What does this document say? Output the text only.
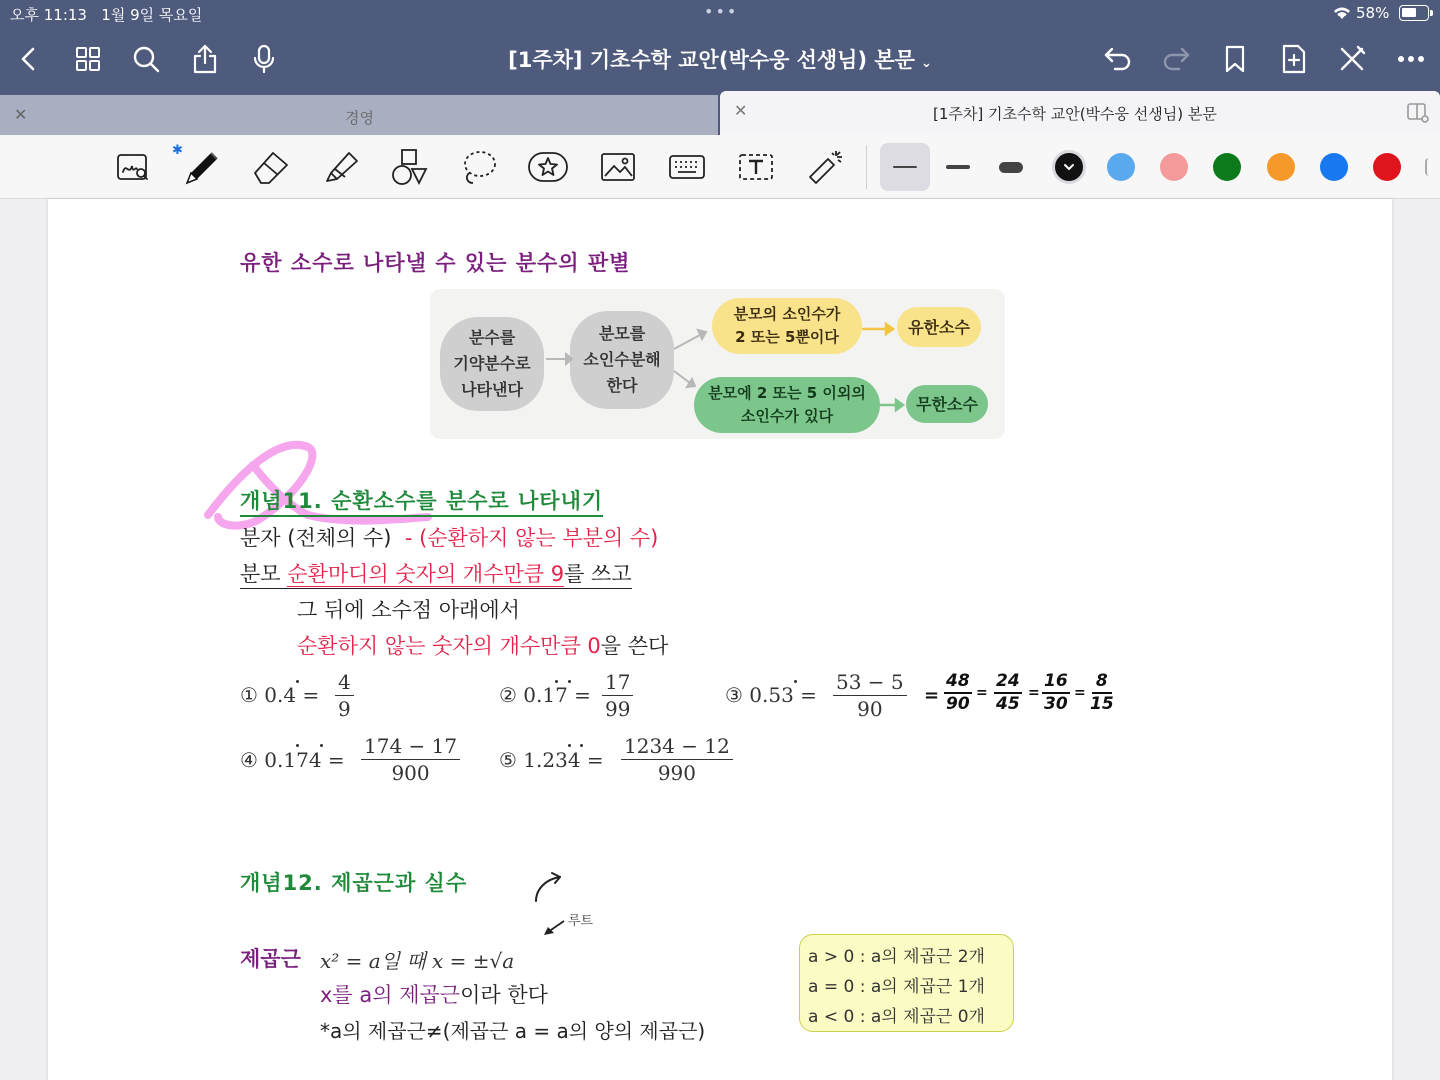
오후 11:13 1월 9일 목요일	•••	58%
[1주차] 기초수학 교안(박수웅 선생님) 본문 ⌄
✕	경영	✕	[1주차] 기초수학 교안(박수웅 선생님) 본문
✱
유한 소수로 나타낼 수 있는 분수의 판별
분수를
기약분수로
나타낸다
분모를
소인수분해
한다
분모의 소인수가
2 또는 5뿐이다
분모에 2 또는 5 이외의
소인수가 있다
유한소수
무한소수
개념11. 순환소수를 분수로 나타내기
분자 (전체의 수) - (순환하지 않는 부분의 수)
분모 순환마디의 숫자의 개수만큼 9를 쓰고
그 뒤에 소수점 아래에서
순환하지 않는 숫자의 개수만큼 0을 쓴다
① $0.4 = \frac{4}{9}$	② $0.17 = \frac{17}{99}$	③ $0.53 = \frac{53 - 5}{90}$
④ $0.174 = \frac{174 - 17}{900}$ ⑤ $1.234 = \frac{1234 - 12}{990}$
=
48
90
=
24
45
=
16
30
=
8
15
개념12. 제곱근과 실수
루트
제곱근 x² = a일 때 x = ±√a
x를 a의 제곱근이라 한다
*a의 제곱근≠(제곱근 a = a의 양의 제곱근)
a > 0 : a의 제곱근 2개
a = 0 : a의 제곱근 1개
a < 0 : a의 제곱근 0개
